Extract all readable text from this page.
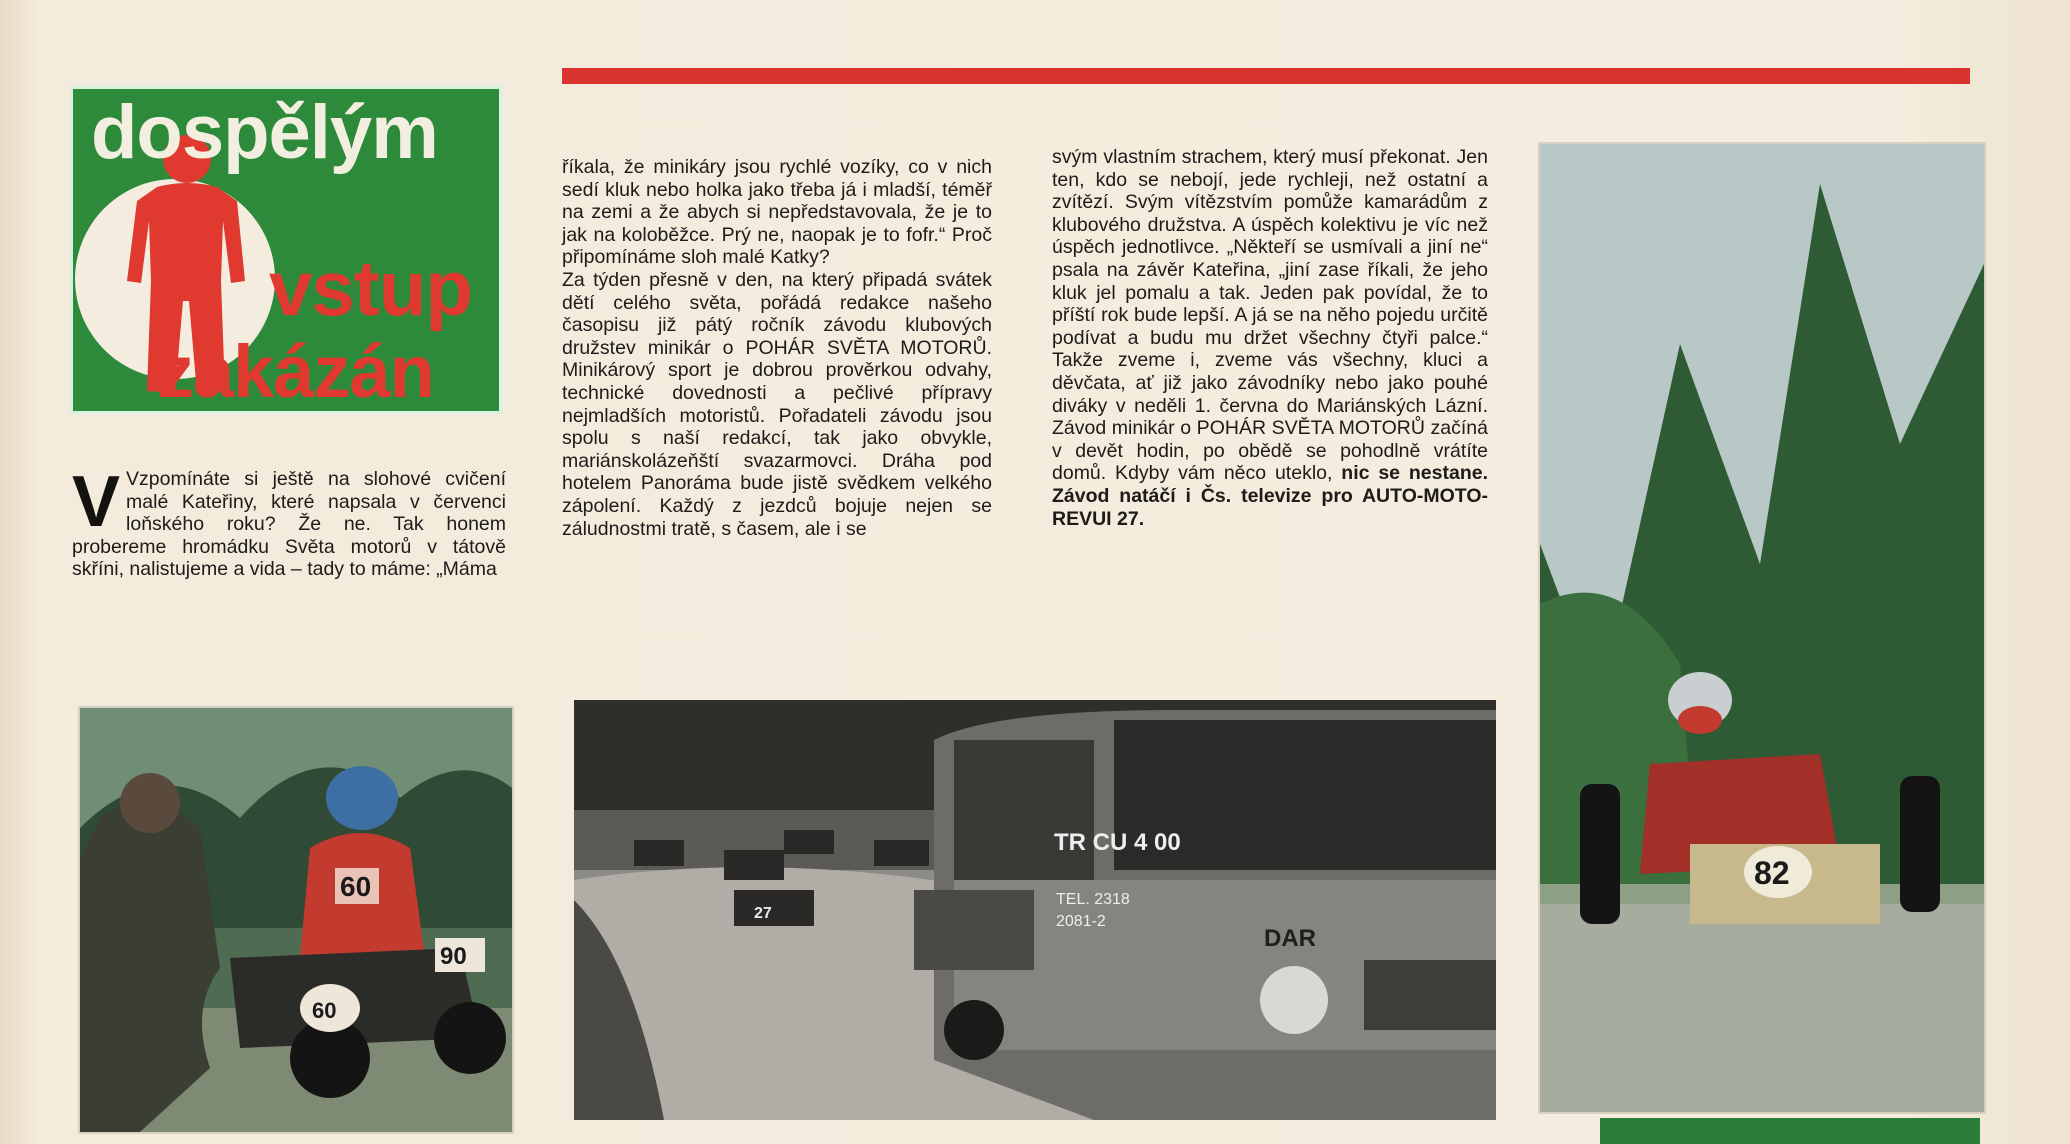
dospělým
vstup
zakázán
V Vzpomínáte si ještě na slohové cvičení malé Kateřiny, které napsala v červenci loňského roku? Že ne. Tak honem probereme hromádku Světa motorů v tátově skříni, nalistujeme a vida – tady to máme: „Máma

říkala, že minikáry jsou rychlé vozíky, co v nich sedí kluk nebo holka jako třeba já i mladší, téměř na zemi a že abych si nepředstavovala, že je to jak na koloběžce. Prý ne, naopak je to fofr.“ Proč připomínáme sloh malé Katky?
Za týden přesně v den, na který připadá svátek dětí celého světa, pořádá redakce našeho časopisu již pátý ročník závodu klubových družstev minikár o POHÁR SVĚTA MOTORŮ. Minikárový sport je dobrou prověrkou odvahy, technické dovednosti a pečlivé přípravy nejmladších motoristů. Pořadateli závodu jsou spolu s naší redakcí, tak jako obvykle, mariánskolázeňští svazarmovci. Dráha pod hotelem Panoráma bude jistě svědkem velkého zápolení. Každý z jezdců bojuje nejen se záludnostmi tratě, s časem, ale i se

svým vlastním strachem, který musí překonat. Jen ten, kdo se nebojí, jede rychleji, než ostatní a zvítězí. Svým vítězstvím pomůže kamarádům z klubového družstva. A úspěch kolektivu je víc než úspěch jednotlivce. „Někteří se usmívali a jiní ne“ psala na závěr Kateřina, „jiní zase říkali, že jeho kluk jel pomalu a tak. Jeden pak povídal, že to příští rok bude lepší. A já se na něho pojedu určitě podívat a budu mu držet všechny čtyři palce.“ Takže zveme i, zveme vás všechny, kluci a děvčata, ať již jako závodníky nebo jako pouhé diváky v neděli 1. června do Mariánských Lázní. Závod minikár o POHÁR SVĚTA MOTORŮ začíná v devět hodin, po obědě se pohodlně vrátíte domů. Kdyby vám něco uteklo, nic se nestane. Závod natáčí i Čs. televize pro AUTO-MOTO-REVUI 27.

60
60
90
27
TR CU 4 00
TEL. 2318
2081-2
DAR
82
